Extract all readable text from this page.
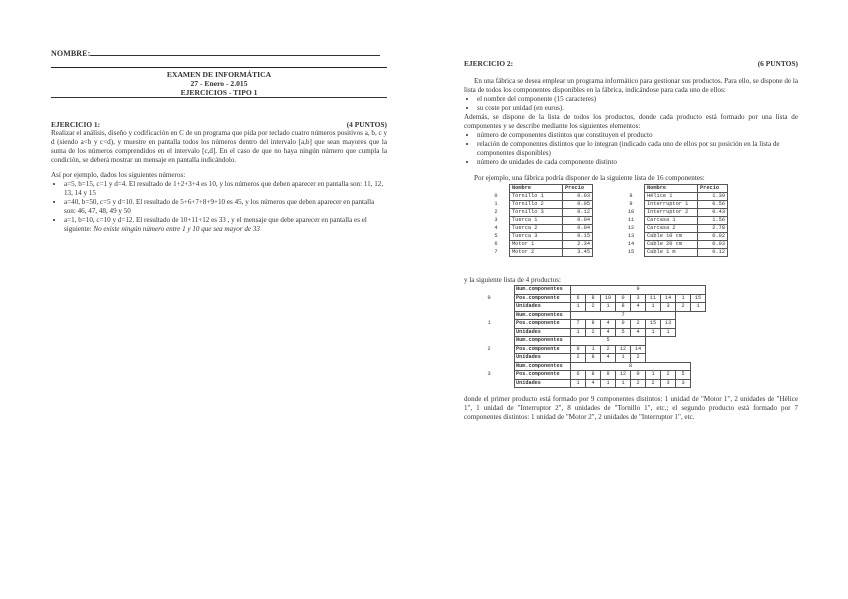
NOMBRE:
EXAMEN DE INFORMÁTICA
27 - Enero - 2.015
EJERCICIOS - TIPO 1
EJERCICIO 1:	(4 PUNTOS)

Realizar el análisis, diseño y codificación en C de un programa que pida por teclado cuatro números positivos a, b, c y d (siendo a<b y c<d), y muestre en pantalla todos los números dentro del intervalo [a,b] que sean mayores que la suma de los números comprendidos en el intervalo [c,d]. En el caso de que no haya ningún número que cumpla la condición, se deberá mostrar un mensaje en pantalla indicándolo.

Así por ejemplo, dados los siguientes números:

• a=5, b=15, c=1 y d=4. El resultado de 1+2+3+4 es 10, y los números que deben aparecer en pantalla son: 11, 12, 13, 14 y 15
• a=40, b=50, c=5 y d=10. El resultado de 5+6+7+8+9+10 es 45, y los números que deben aparecer en pantalla son: 46, 47, 48, 49 y 50
• a=1, b=10, c=10 y d=12. El resultado de 10+11+12 es 33 , y el mensaje que debe aparecer en pantalla es el siguiente: No existe ningún número entre 1 y 10 que sea mayor de 33
EJERCICIO 2:	(6 PUNTOS)

En una fábrica se desea emplear un programa informático para gestionar sus productos. Para ello, se dispone de la lista de todos los componentes disponibles en la fábrica, indicándose para cada uno de ellos:

• el nombre del componente (15 caracteres)
• su coste por unidad (en euros).

Además, se dispone de la lista de todos los productos, donde cada producto está formado por una lista de componentes y se describe mediante los siguientes elementos:

• número de componentes distintos que constituyen el producto
• relación de componentes distintos que lo integran (indicado cada uno de ellos por su posición en la lista de componentes disponibles)
• número de unidades de cada componente distinto

Por ejemplo, una fábrica podría disponer de la siguiente lista de 16 componentes:

	Nombre	Precio
0	Tornillo 1	0.03
1	Tornillo 2	0.05
2	Tornillo 3	0.12
3	Tuerca 1	0.04
4	Tuerca 2	0.04
5	Tuerca 3	0.15
6	Motor 1	2.34
7	Motor 2	3.45
	Nombre	Precio
8	Hélice 1	1.30
9	Interruptor 1	0.56
10	Interruptor 2	0.43
11	Carcasa 1	1.56
12	Carcasa 2	2.78
13	Cable 10 cm	0.02
14	Cable 20 cm	0.03
15	Cable 1 m	0.12

y la siguiente lista de 4 productos:

	Num.componentes	9								
0	Pos.componente	6	8	10	0	3	11	14	1	15
	Unidades	1	2	1	8	4	1	3	2	1
	Num.componentes	7								
1	Pos.componente	7	8	4	0	2	15	13		
	Unidades	1	2	4	5	4	1	1		
	Num.componentes	5								
2	Pos.componente	9	1	2	12	14				
	Unidades	2	8	4	1	2				
	Num.componentes	8								
3	Pos.componente	6	8	9	12	0	1	2	5	
	Unidades	1	4	1	1	2	2	3	3	

donde el primer producto está formado por 9 componentes distintos: 1 unidad de "Motor 1", 2 unidades de "Hélice 1", 1 unidad de "Interruptor 2", 8 unidades de "Tornillo 1", etc.; el segundo producto está formado por 7 componentes distintos: 1 unidad de "Motor 2", 2 unidades de "Interruptor 1", etc.
